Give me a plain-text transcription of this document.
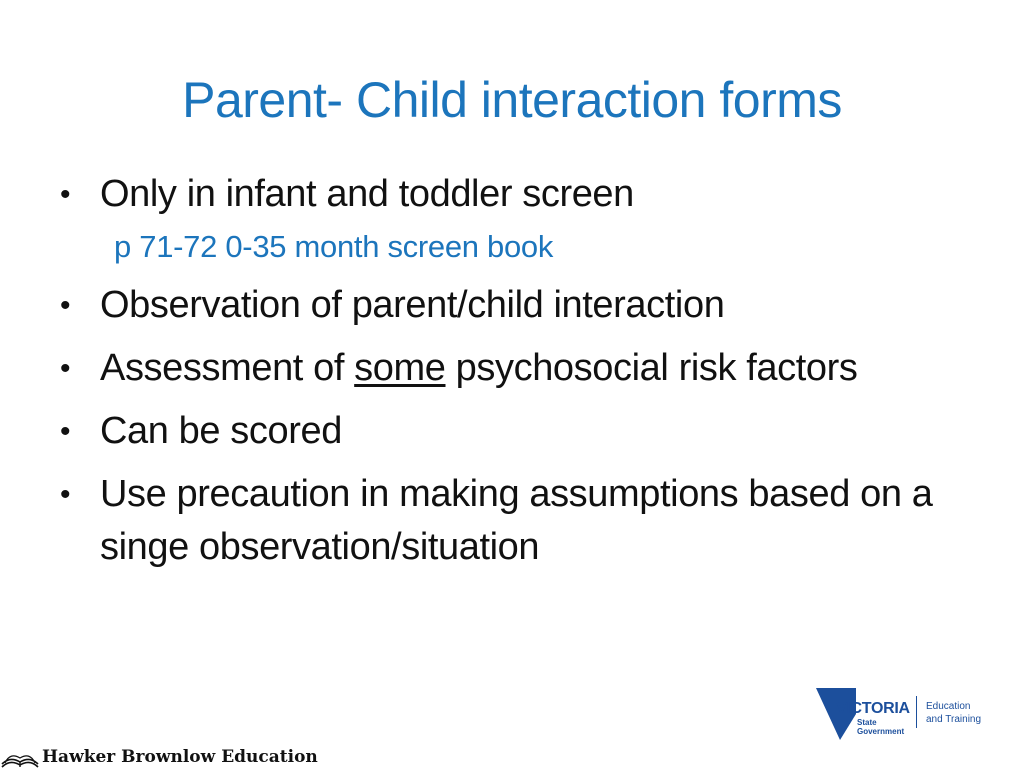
Parent- Child interaction forms
• Only in infant and toddler screen
p 71-72 0-35 month screen book
• Observation of parent/child interaction
• Assessment of some psychosocial risk factors
• Can be scored
• Use precaution in making assumptions based on a singe observation/situation
Hawker Brownlow Education
VICTORIA
State
Government
Education
and Training
